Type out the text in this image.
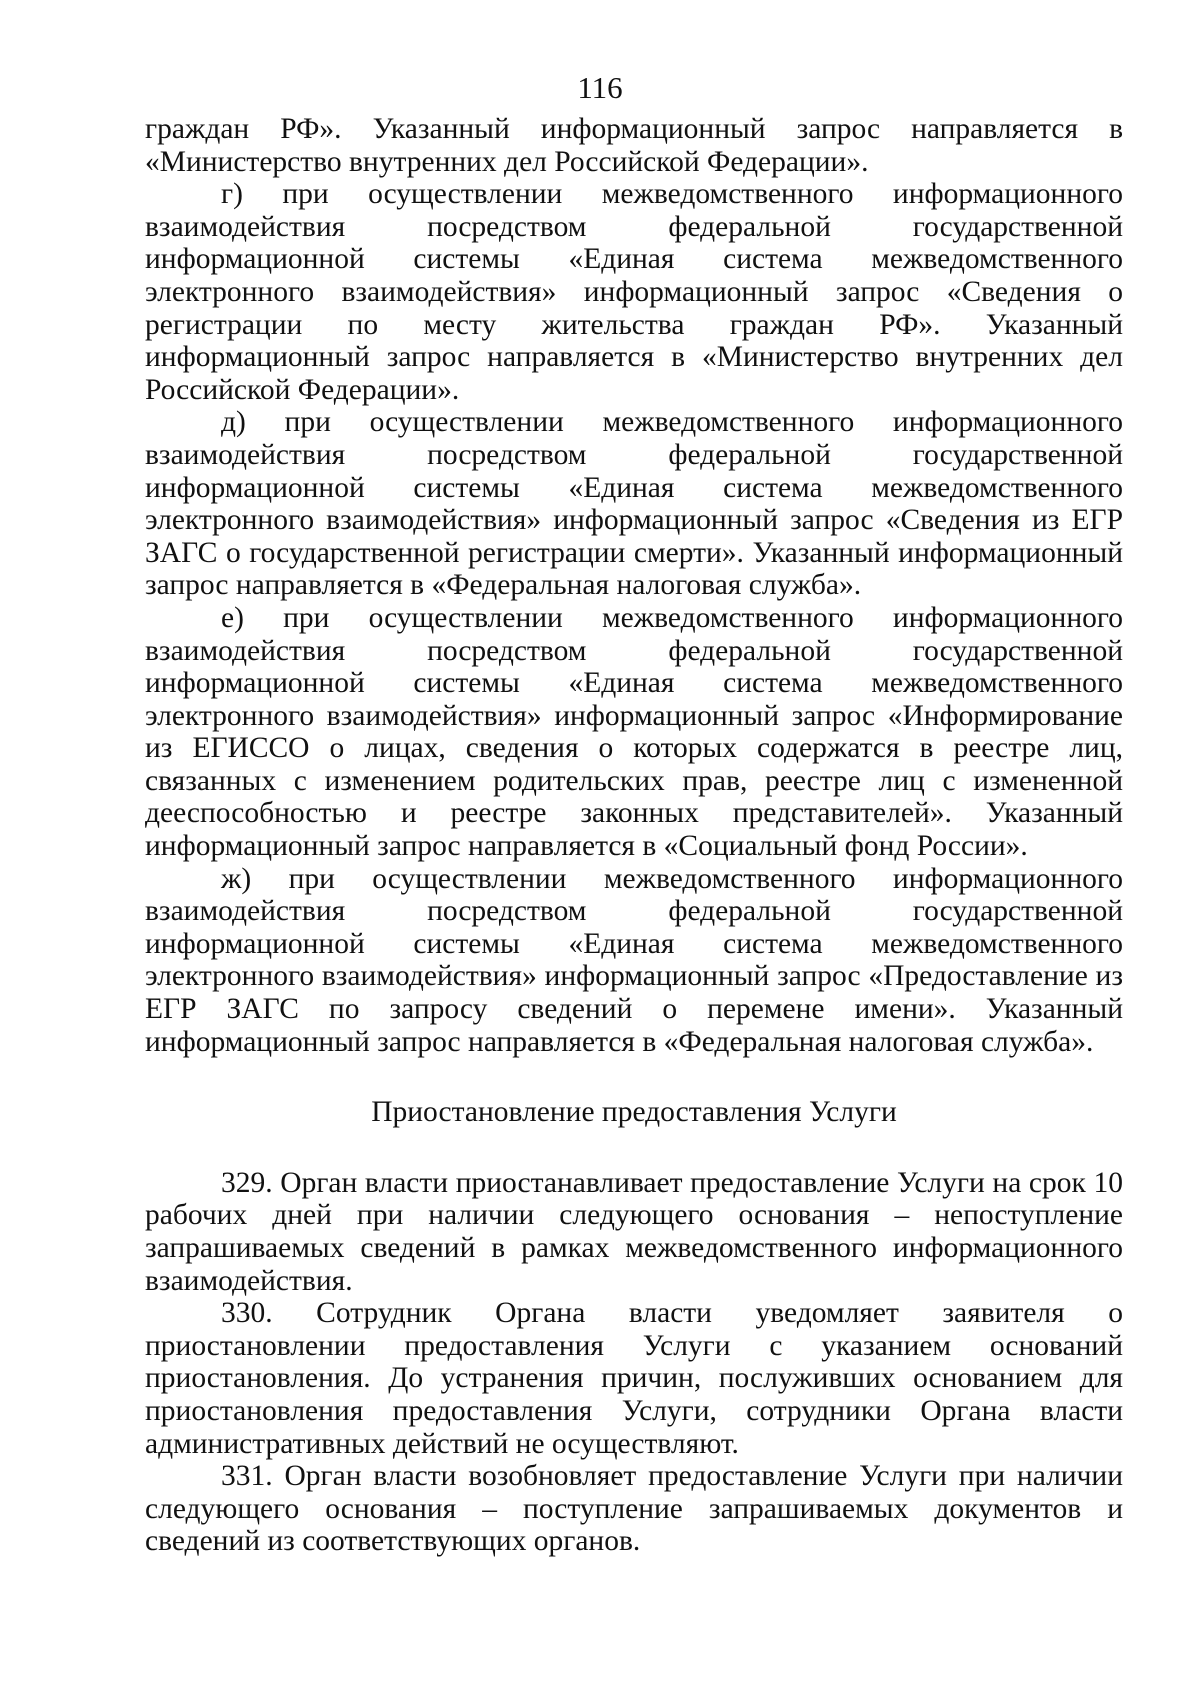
116

граждан РФ». Указанный информационный запрос направляется в «Министерство внутренних дел Российской Федерации».

г) при осуществлении межведомственного информационного взаимодействия посредством федеральной государственной информационной системы «Единая система межведомственного электронного взаимодействия» информационный запрос «Сведения о регистрации по месту жительства граждан РФ». Указанный информационный запрос направляется в «Министерство внутренних дел Российской Федерации».

д) при осуществлении межведомственного информационного взаимодействия посредством федеральной государственной информационной системы «Единая система межведомственного электронного взаимодействия» информационный запрос «Сведения из ЕГР ЗАГС о государственной регистрации смерти». Указанный информационный запрос направляется в «Федеральная налоговая служба».

е) при осуществлении межведомственного информационного взаимодействия посредством федеральной государственной информационной системы «Единая система межведомственного электронного взаимодействия» информационный запрос «Информирование из ЕГИССО о лицах, сведения о которых содержатся в реестре лиц, связанных с изменением родительских прав, реестре лиц с измененной дееспособностью и реестре законных представителей». Указанный информационный запрос направляется в «Социальный фонд России».

ж) при осуществлении межведомственного информационного взаимодействия посредством федеральной государственной информационной системы «Единая система межведомственного электронного взаимодействия» информационный запрос «Предоставление из ЕГР ЗАГС по запросу сведений о перемене имени». Указанный информационный запрос направляется в «Федеральная налоговая служба».

Приостановление предоставления Услуги

329. Орган власти приостанавливает предоставление Услуги на срок 10 рабочих дней при наличии следующего основания – непоступление запрашиваемых сведений в рамках межведомственного информационного взаимодействия.

330. Сотрудник Органа власти уведомляет заявителя о приостановлении предоставления Услуги с указанием оснований приостановления. До устранения причин, послуживших основанием для приостановления предоставления Услуги, сотрудники Органа власти административных действий не осуществляют.

331. Орган власти возобновляет предоставление Услуги при наличии следующего основания – поступление запрашиваемых документов и сведений из соответствующих органов.
